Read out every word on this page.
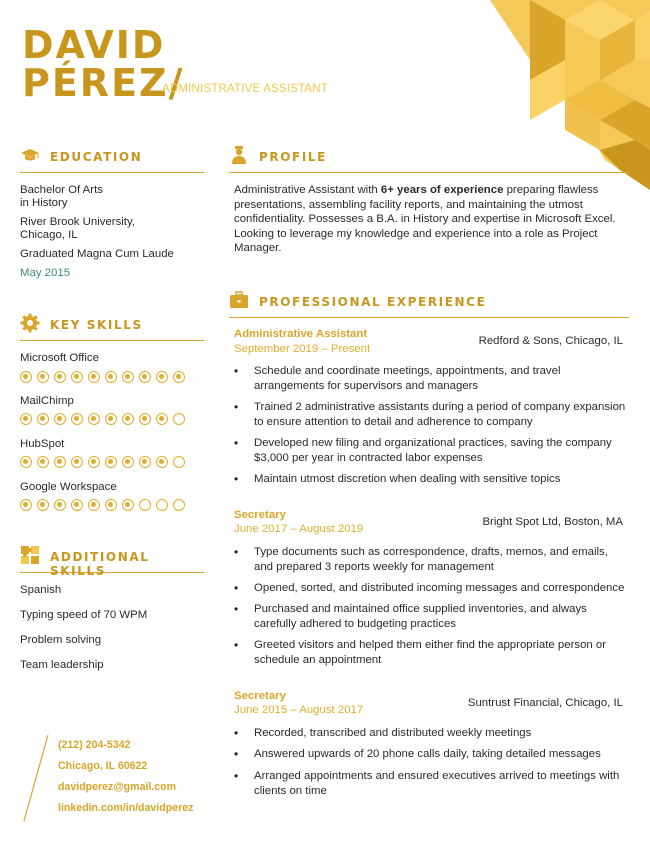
DAVID
PÉREZ/
ADMINISTRATIVE ASSISTANT
EDUCATION
Bachelor Of Arts
in History
River Brook University,
Chicago, IL
Graduated Magna Cum Laude
May 2015
KEY SKILLS
Microsoft Office
MailChimp
HubSpot
Google Workspace
ADDITIONAL SKILLS
Spanish
Typing speed of 70 WPM
Problem solving
Team leadership
(212) 204-5342
Chicago, IL 60622
davidperez@gmail.com
linkedin.com/in/davidperez
PROFILE
Administrative Assistant with 6+ years of experience preparing flawless presentations, assembling facility reports, and maintaining the utmost confidentiality. Possesses a B.A. in History and expertise in Microsoft Excel. Looking to leverage my knowledge and experience into a role as Project Manager.
PROFESSIONAL EXPERIENCE
Administrative Assistant
September 2019 – Present
Redford & Sons, Chicago, IL
• Schedule and coordinate meetings, appointments, and travel arrangements for supervisors and managers
• Trained 2 administrative assistants during a period of company expansion to ensure attention to detail and adherence to company
• Developed new filing and organizational practices, saving the company $3,000 per year in contracted labor expenses
• Maintain utmost discretion when dealing with sensitive topics
Secretary
June 2017 – August 2019
Bright Spot Ltd, Boston, MA
• Type documents such as correspondence, drafts, memos, and emails, and prepared 3 reports weekly for management
• Opened, sorted, and distributed incoming messages and correspondence
• Purchased and maintained office supplied inventories, and always carefully adhered to budgeting practices
• Greeted visitors and helped them either find the appropriate person or schedule an appointment
Secretary
June 2015 – August 2017
Suntrust Financial, Chicago, IL
• Recorded, transcribed and distributed weekly meetings
• Answered upwards of 20 phone calls daily, taking detailed messages
• Arranged appointments and ensured executives arrived to meetings with clients on time
